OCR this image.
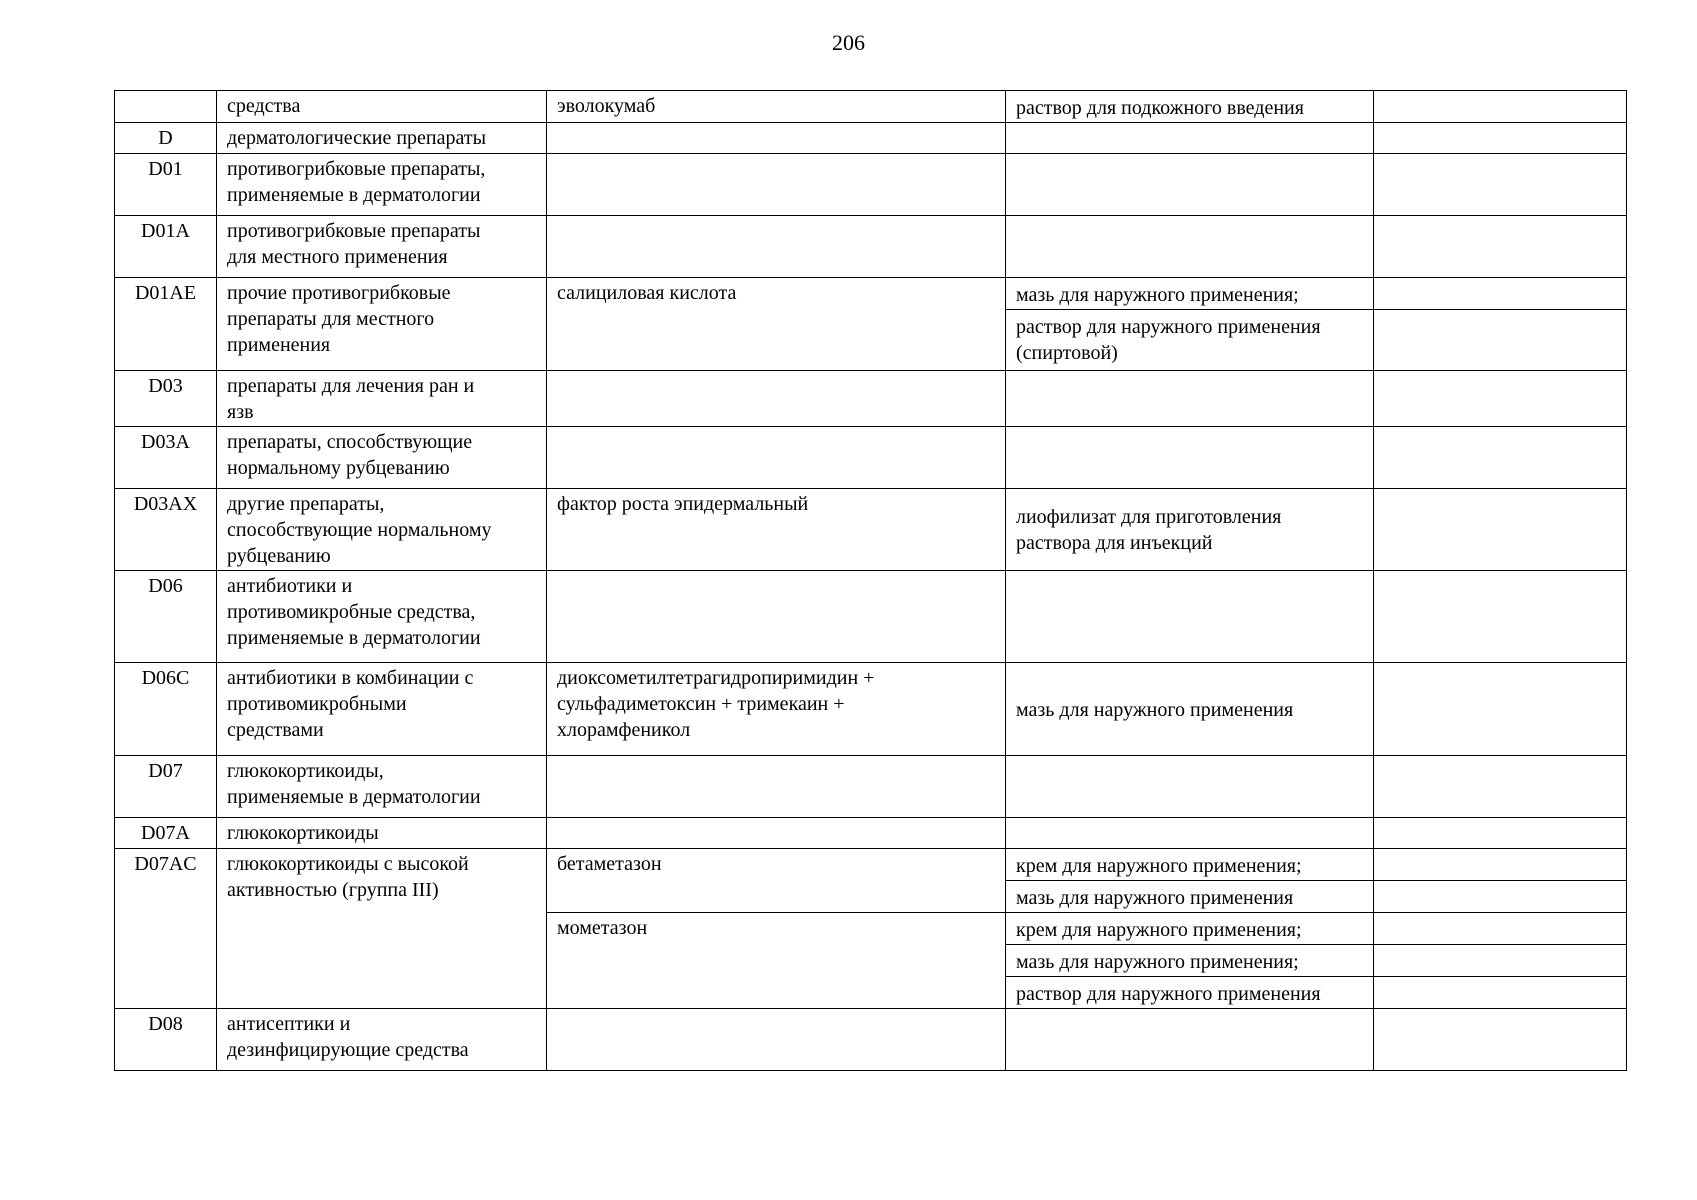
206
	средства	эволокумаб	раствор для подкожного введения	
D	дерматологические препараты			
D01	противогрибковые препараты,
применяемые в дерматологии			

D01A	противогрибковые препараты
для местного применения			

D01AE	прочие противогрибковые
препараты для местного
применения	салициловая кислота	мазь для наружного применения;	

			раствор для наружного применения
(спиртовой)	

D03	препараты для лечения ран и
язв			

D03A	препараты, способствующие
нормальному рубцеванию			

D03AX	другие препараты,
способствующие нормальному
рубцеванию	фактор роста эпидермальный	лиофилизат для приготовления
раствора для инъекций	

D06	антибиотики и
противомикробные средства,
применяемые в дерматологии			

D06C	антибиотики в комбинации с
противомикробными
средствами	диоксометилтетрагидропиримидин +
сульфадиметоксин + тримекаин +
хлорамфеникол	мазь для наружного применения	
D07	глюкокортикоиды,
применяемые в дерматологии			

D07A	глюкокортикоиды			
D07AC	глюкокортикоиды с высокой
активностью (группа III)	бетаметазон	крем для наружного применения;	
			мазь для наружного применения	
		мометазон	крем для наружного применения;	
			мазь для наружного применения;	
			раствор для наружного применения	
D08	антисептики и
дезинфицирующие средства			
